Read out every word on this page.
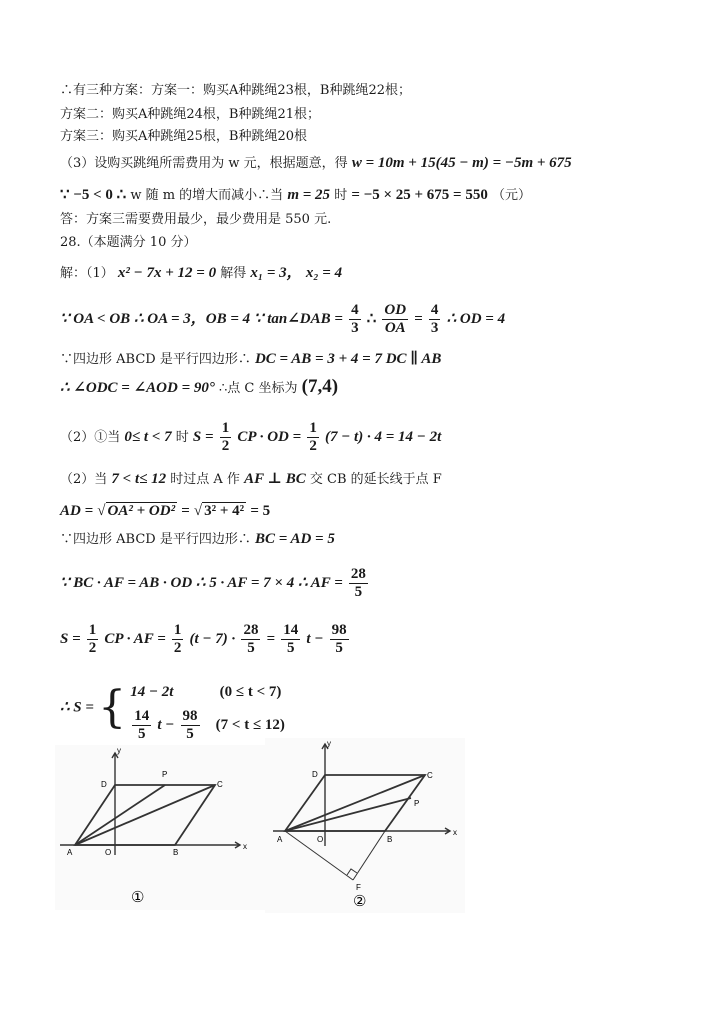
∴有三种方案：方案一：购买A种跳绳23根，B种跳绳22根；
方案二：购买A种跳绳24根，B种跳绳21根；
方案三：购买A种跳绳25根，B种跳绳20根
（3）设购买跳绳所需费用为 w 元，根据题意，得 w = 10m + 15(45 − m) = −5m + 675
∵ −5 < 0 ∴ w 随 m 的增大而减小∴当 m = 25 时 = −5 × 25 + 675 = 550 （元）
答：方案三需要费用最少，最少费用是 550 元.
28.（本题满分 10 分）
解：（1） x² − 7x + 12 = 0 解得 x₁ = 3， x₂ = 4
∵ OA < OB ∴ OA = 3，OB = 4 ∵ tan∠DAB = $\frac{4}{3}$ ∴ $\frac{OD}{OA} = \frac{4}{3}$ ∴ OD = 4
∵四边形 ABCD 是平行四边形∴ DC = AB = 3 + 4 = 7 DC ∥ AB
∴ ∠ODC = ∠AOD = 90° ∴点 C 坐标为 (7,4)
（2）①当 0≤ t < 7 时 $S = \frac{1}{2}$ CP · OD = $\frac{1}{2} (7 - t) \cdot 4 = 14 - 2t$
（2）当 7 < t≤ 12 时过点 A 作 AF ⊥ BC 交 CB 的延长线于点 F
AD = √ OA² + OD² = √ 3² + 4² = 5
∵四边形 ABCD 是平行四边形∴ BC = AD = 5
∵ BC · AF = AB · OD ∴ 5 · AF = 7 × 4 ∴ AF = $\frac{28}{5}$
$S = \frac{1}{2}$ CP · AF = $\frac{1}{2} (t - 7) \cdot \frac{28}{5} = \frac{14}{5}$ $t - \frac{98}{5}$
∴ S = { 14 − 2t	(0 ≤ t < 7)
$\frac{14}{5}$ $t - \frac{98}{5} (7 < t \le 12)$
y
x
D
P
C
A	O	B
①
y
x
D	C
P
A	O	B
F
②
